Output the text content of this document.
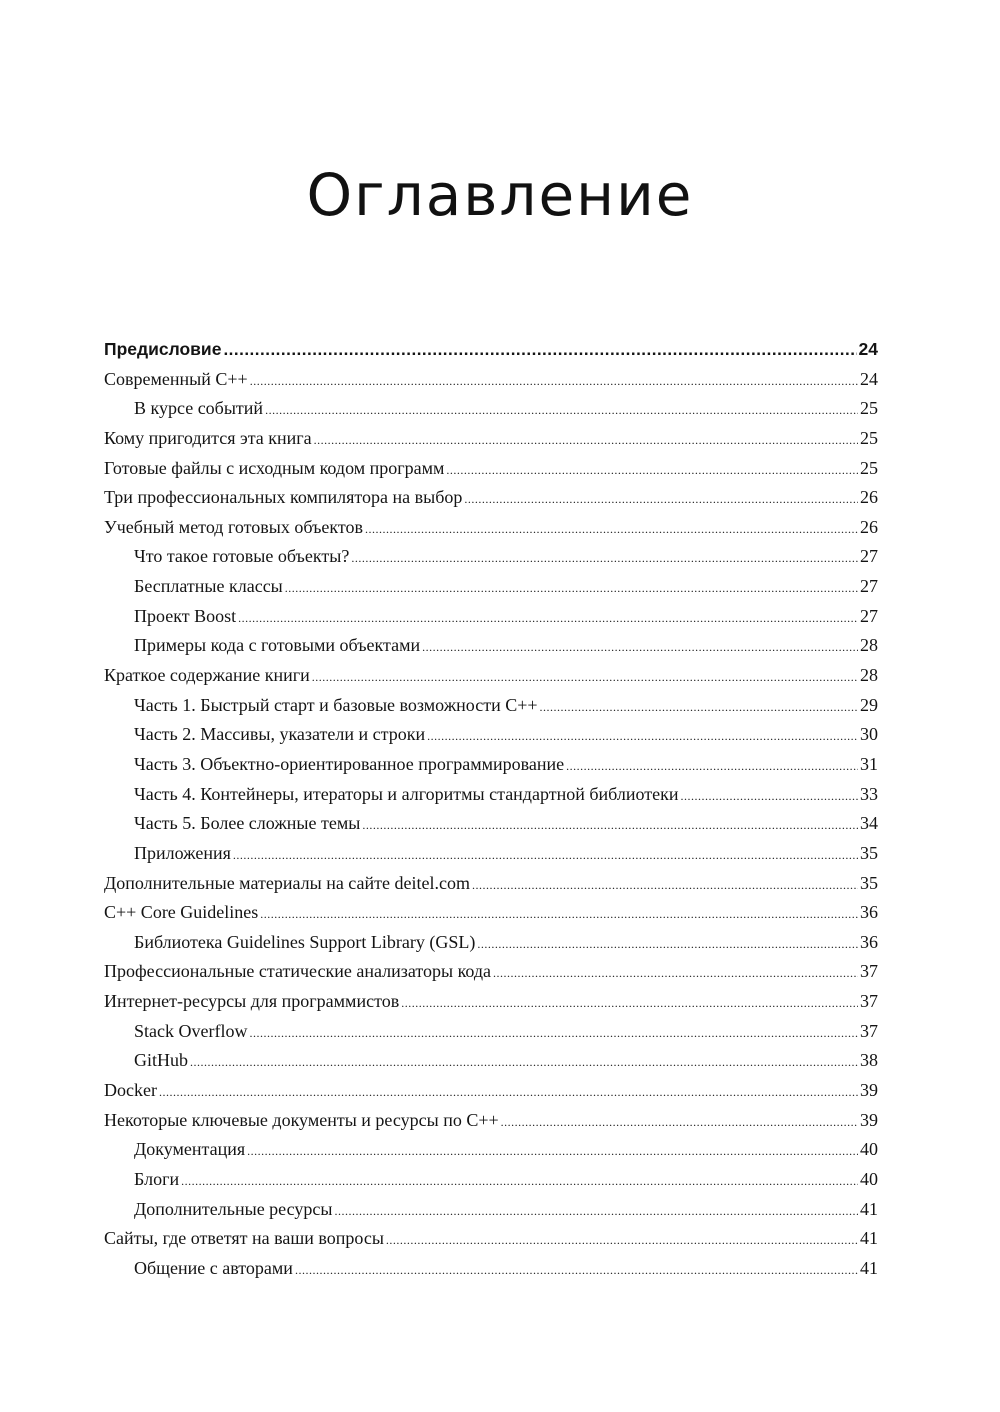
Оглавление
Предисловие .....	24
Современный С++ .....	24
В курсе событий .....	25
Кому пригодится эта книга .....	25
Готовые файлы с исходным кодом программ .....	25
Три профессиональных компилятора на выбор .....	26
Учебный метод готовых объектов .....	26
Что такое готовые объекты? .....	27
Бесплатные классы .....	27
Проект Boost .....	27
Примеры кода с готовыми объектами .....	28
Краткое содержание книги .....	28
Часть 1. Быстрый старт и базовые возможности С++ .....	29
Часть 2. Массивы, указатели и строки .....	30
Часть 3. Объектно-ориентированное программирование .....	31
Часть 4. Контейнеры, итераторы и алгоритмы стандартной библиотеки .....	33
Часть 5. Более сложные темы .....	34
Приложения .....	35
Дополнительные материалы на сайте deitel.com .....	35
C++ Core Guidelines .....	36
Библиотека Guidelines Support Library (GSL) .....	36
Профессиональные статические анализаторы кода .....	37
Интернет-ресурсы для программистов .....	37
Stack Overflow .....	37
GitHub .....	38
Docker .....	39
Некоторые ключевые документы и ресурсы по С++ .....	39
Документация .....	40
Блоги .....	40
Дополнительные ресурсы .....	41
Сайты, где ответят на ваши вопросы .....	41
Общение с авторами .....	41
